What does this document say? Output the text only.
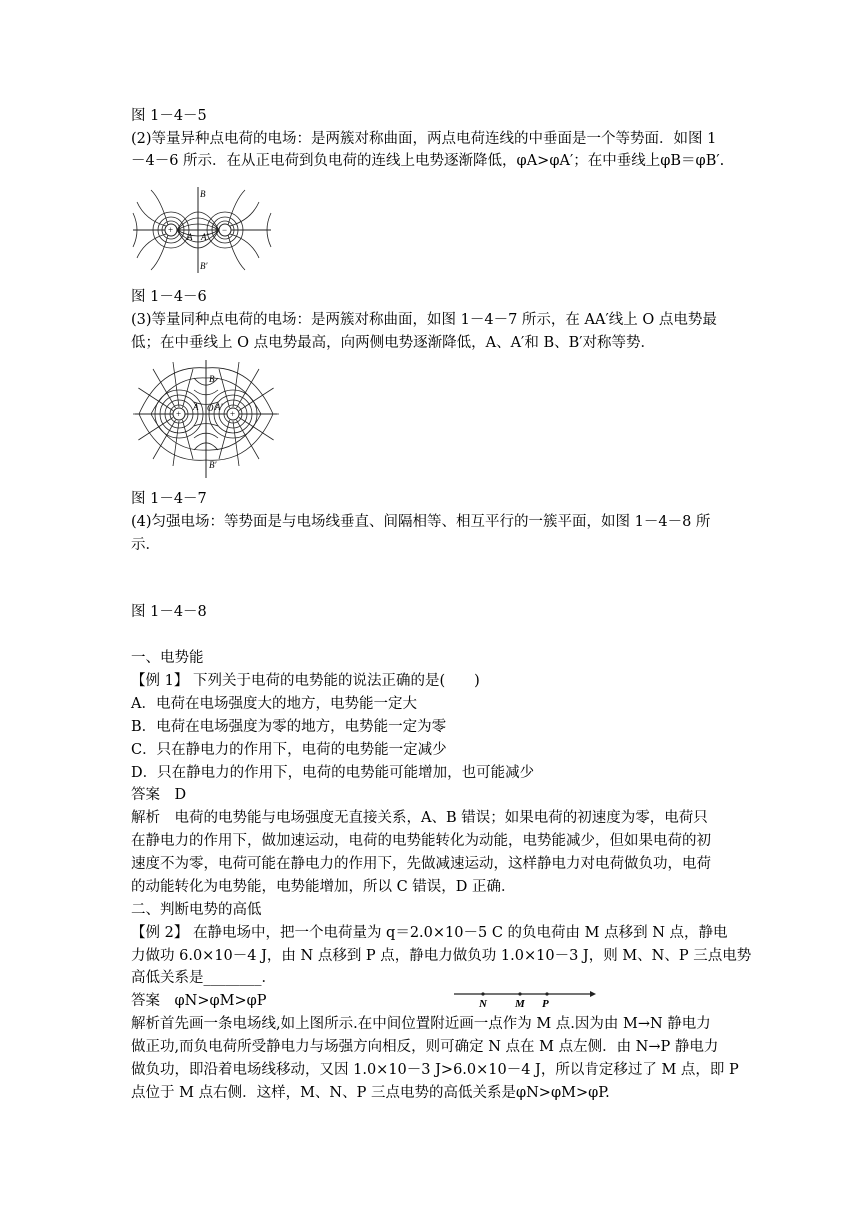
图 1－4－5
(2)等量异种点电荷的电场：是两簇对称曲面，两点电荷连线的中垂面是一个等势面．如图 1
－4－6 所示．在从正电荷到负电荷的连线上电势逐渐降低，φA>φA′；在中垂线上φB＝φB′.
图 1－4－6
(3)等量同种点电荷的电场：是两簇对称曲面，如图 1－4－7 所示，在 AA′线上 O 点电势最
低；在中垂线上 O 点电势最高，向两侧电势逐渐降低，A、A′和 B、B′对称等势．
图 1－4－7
(4)匀强电场：等势面是与电场线垂直、间隔相等、相互平行的一簇平面，如图 1－4－8 所
示．
图 1－4－8
一、电势能
【例 1】 下列关于电荷的电势能的说法正确的是(　　)
A．电荷在电场强度大的地方，电势能一定大
B．电荷在电场强度为零的地方，电势能一定为零
C．只在静电力的作用下，电荷的电势能一定减少
D．只在静电力的作用下，电荷的电势能可能增加，也可能减少
答案　D
解析　电荷的电势能与电场强度无直接关系，A、B 错误；如果电荷的初速度为零，电荷只
在静电力的作用下，做加速运动，电荷的电势能转化为动能，电势能减少，但如果电荷的初
速度不为零，电荷可能在静电力的作用下，先做减速运动，这样静电力对电荷做负功，电荷
的动能转化为电势能，电势能增加，所以 C 错误，D 正确．
二、判断电势的高低
【例 2】 在静电场中，把一个电荷量为 q＝2.0×10－5 C 的负电荷由 M 点移到 N 点，静电
力做功 6.0×10－4 J，由 N 点移到 P 点，静电力做负功 1.0×10－3 J，则 M、N、P 三点电势
高低关系是________．
答案　φN>φM>φP
解析首先画一条电场线,如上图所示.在中间位置附近画一点作为 M 点.因为由 M→N 静电力
做正功,而负电荷所受静电力与场强方向相反，则可确定 N 点在 M 点左侧．由 N→P 静电力
做负功，即沿着电场线移动，又因 1.0×10－3 J>6.0×10－4 J，所以肯定移过了 M 点，即 P
点位于 M 点右侧．这样，M、N、P 三点电势的高低关系是φN>φM>φP.
+	−
B
A A′
B′
+	+
B
A O A′
B′
N	M P
